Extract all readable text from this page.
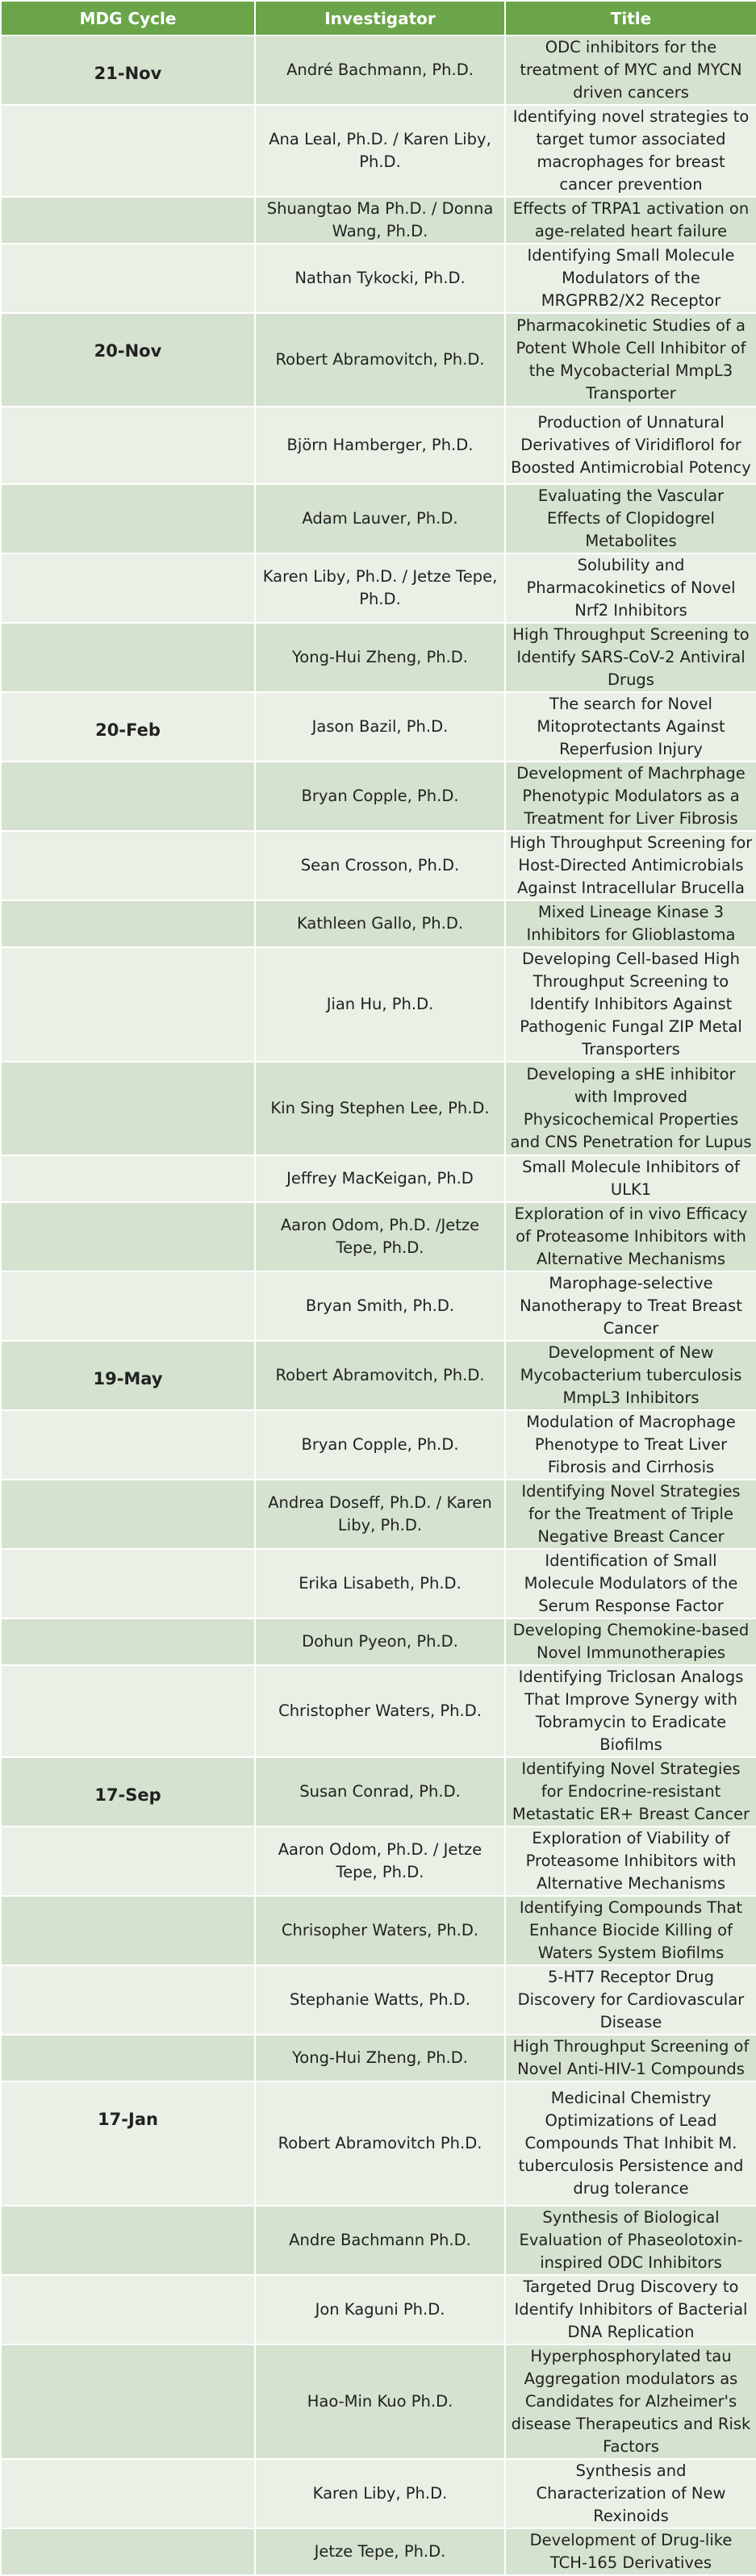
MDG Cycle	Investigator	Title
21-Nov	André Bachmann, Ph.D.	ODC inhibitors for the treatment of MYC and MYCN driven cancers
	Ana Leal, Ph.D. / Karen Liby, Ph.D.	Identifying novel strategies to target tumor associated macrophages for breast cancer prevention
	Shuangtao Ma Ph.D. / Donna Wang, Ph.D.	Effects of TRPA1 activation on age-related heart failure
	Nathan Tykocki, Ph.D.	Identifying Small Molecule Modulators of the MRGPRB2/X2 Receptor
20-Nov	Robert Abramovitch, Ph.D.	Pharmacokinetic Studies of a Potent Whole Cell Inhibitor of the Mycobacterial MmpL3 Transporter
	Björn Hamberger, Ph.D.	Production of Unnatural Derivatives of Viridiflorol for Boosted Antimicrobial Potency
	Adam Lauver, Ph.D.	Evaluating the Vascular Effects of Clopidogrel Metabolites
	Karen Liby, Ph.D. / Jetze Tepe, Ph.D.	Solubility and Pharmacokinetics of Novel Nrf2 Inhibitors
	Yong-Hui Zheng, Ph.D.	High Throughput Screening to Identify SARS-CoV-2 Antiviral Drugs
20-Feb	Jason Bazil, Ph.D.	The search for Novel Mitoprotectants Against Reperfusion Injury
	Bryan Copple, Ph.D.	Development of Machrphage Phenotypic Modulators as a Treatment for Liver Fibrosis
	Sean Crosson, Ph.D.	High Throughput Screening for Host-Directed Antimicrobials Against Intracellular Brucella
	Kathleen Gallo, Ph.D.	Mixed Lineage Kinase 3 Inhibitors for Glioblastoma
	Jian Hu, Ph.D.	Developing Cell-based High Throughput Screening to Identify Inhibitors Against Pathogenic Fungal ZIP Metal Transporters
	Kin Sing Stephen Lee, Ph.D.	Developing a sHE inhibitor with Improved Physicochemical Properties and CNS Penetration for Lupus
	Jeffrey MacKeigan, Ph.D	Small Molecule Inhibitors of ULK1
	Aaron Odom, Ph.D. /Jetze Tepe, Ph.D.	Exploration of in vivo Efficacy of Proteasome Inhibitors with Alternative Mechanisms
	Bryan Smith, Ph.D.	Marophage-selective Nanotherapy to Treat Breast Cancer
19-May	Robert Abramovitch, Ph.D.	Development of New Mycobacterium tuberculosis MmpL3 Inhibitors
	Bryan Copple, Ph.D.	Modulation of Macrophage Phenotype to Treat Liver Fibrosis and Cirrhosis
	Andrea Doseff, Ph.D. / Karen Liby, Ph.D.	Identifying Novel Strategies for the Treatment of Triple Negative Breast Cancer
	Erika Lisabeth, Ph.D.	Identification of Small Molecule Modulators of the Serum Response Factor
	Dohun Pyeon, Ph.D.	Developing Chemokine-based Novel Immunotherapies
	Christopher Waters, Ph.D.	Identifying Triclosan Analogs That Improve Synergy with Tobramycin to Eradicate Biofilms
17-Sep	Susan Conrad, Ph.D.	Identifying Novel Strategies for Endocrine-resistant Metastatic ER+ Breast Cancer
	Aaron Odom, Ph.D. / Jetze Tepe, Ph.D.	Exploration of Viability of Proteasome Inhibitors with Alternative Mechanisms
	Chrisopher Waters, Ph.D.	Identifying Compounds That Enhance Biocide Killing of Waters System Biofilms
	Stephanie Watts, Ph.D.	5-HT7 Receptor Drug Discovery for Cardiovascular Disease
	Yong-Hui Zheng, Ph.D.	High Throughput Screening of Novel Anti-HIV-1 Compounds
17-Jan	Robert Abramovitch Ph.D.	Medicinal Chemistry Optimizations of Lead Compounds That Inhibit M. tuberculosis Persistence and drug tolerance
	Andre Bachmann Ph.D.	Synthesis of Biological Evaluation of Phaseolotoxin-inspired ODC Inhibitors
	Jon Kaguni Ph.D.	Targeted Drug Discovery to Identify Inhibitors of Bacterial DNA Replication
	Hao-Min Kuo Ph.D.	Hyperphosphorylated tau Aggregation modulators as Candidates for Alzheimer's disease Therapeutics and Risk Factors
	Karen Liby, Ph.D.	Synthesis and Characterization of New Rexinoids
	Jetze Tepe, Ph.D.	Development of Drug-like TCH-165 Derivatives
